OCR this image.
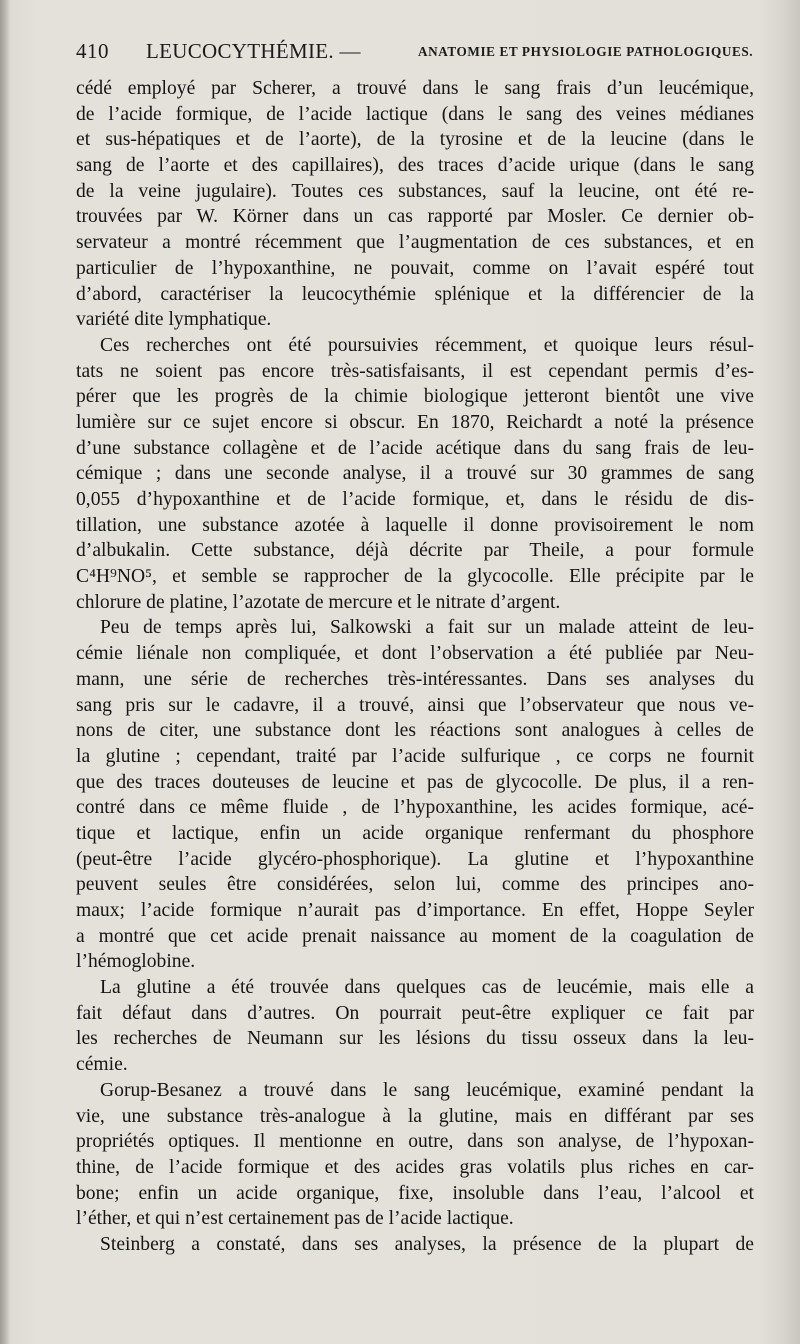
410 LEUCOCYTHÉMIE. —	ANATOMIE ET PHYSIOLOGIE PATHOLOGIQUES.
cédé employé par Scherer, a trouvé dans le sang frais d’un leucémique,
de l’acide formique, de l’acide lactique (dans le sang des veines médianes
et sus-hépatiques et de l’aorte), de la tyrosine et de la leucine (dans le
sang de l’aorte et des capillaires), des traces d’acide urique (dans le sang
de la veine jugulaire). Toutes ces substances, sauf la leucine, ont été re-
trouvées par W. Körner dans un cas rapporté par Mosler. Ce dernier ob-
servateur a montré récemment que l’augmentation de ces substances, et en
particulier de l’hypoxanthine, ne pouvait, comme on l’avait espéré tout
d’abord, caractériser la leucocythémie splénique et la différencier de la
variété dite lymphatique.
Ces recherches ont été poursuivies récemment, et quoique leurs résul-
tats ne soient pas encore très-satisfaisants, il est cependant permis d’es-
pérer que les progrès de la chimie biologique jetteront bientôt une vive
lumière sur ce sujet encore si obscur. En 1870, Reichardt a noté la présence
d’une substance collagène et de l’acide acétique dans du sang frais de leu-
cémique ; dans une seconde analyse, il a trouvé sur 30 grammes de sang
0,055 d’hypoxanthine et de l’acide formique, et, dans le résidu de dis-
tillation, une substance azotée à laquelle il donne provisoirement le nom
d’albukalin. Cette substance, déjà décrite par Theile, a pour formule
C⁴H⁹NO⁵, et semble se rapprocher de la glycocolle. Elle précipite par le
chlorure de platine, l’azotate de mercure et le nitrate d’argent.
Peu de temps après lui, Salkowski a fait sur un malade atteint de leu-
cémie liénale non compliquée, et dont l’observation a été publiée par Neu-
mann, une série de recherches très-intéressantes. Dans ses analyses du
sang pris sur le cadavre, il a trouvé, ainsi que l’observateur que nous ve-
nons de citer, une substance dont les réactions sont analogues à celles de
la glutine ; cependant, traité par l’acide sulfurique , ce corps ne fournit
que des traces douteuses de leucine et pas de glycocolle. De plus, il a ren-
contré dans ce même fluide , de l’hypoxanthine, les acides formique, acé-
tique et lactique, enfin un acide organique renfermant du phosphore
(peut-être l’acide glycéro-phosphorique). La glutine et l’hypoxanthine
peuvent seules être considérées, selon lui, comme des principes ano-
maux; l’acide formique n’aurait pas d’importance. En effet, Hoppe Seyler
a montré que cet acide prenait naissance au moment de la coagulation de
l’hémoglobine.
La glutine a été trouvée dans quelques cas de leucémie, mais elle a
fait défaut dans d’autres. On pourrait peut-être expliquer ce fait par
les recherches de Neumann sur les lésions du tissu osseux dans la leu-
cémie.
Gorup-Besanez a trouvé dans le sang leucémique, examiné pendant la
vie, une substance très-analogue à la glutine, mais en différant par ses
propriétés optiques. Il mentionne en outre, dans son analyse, de l’hypoxan-
thine, de l’acide formique et des acides gras volatils plus riches en car-
bone; enfin un acide organique, fixe, insoluble dans l’eau, l’alcool et
l’éther, et qui n’est certainement pas de l’acide lactique.
Steinberg a constaté, dans ses analyses, la présence de la plupart de
